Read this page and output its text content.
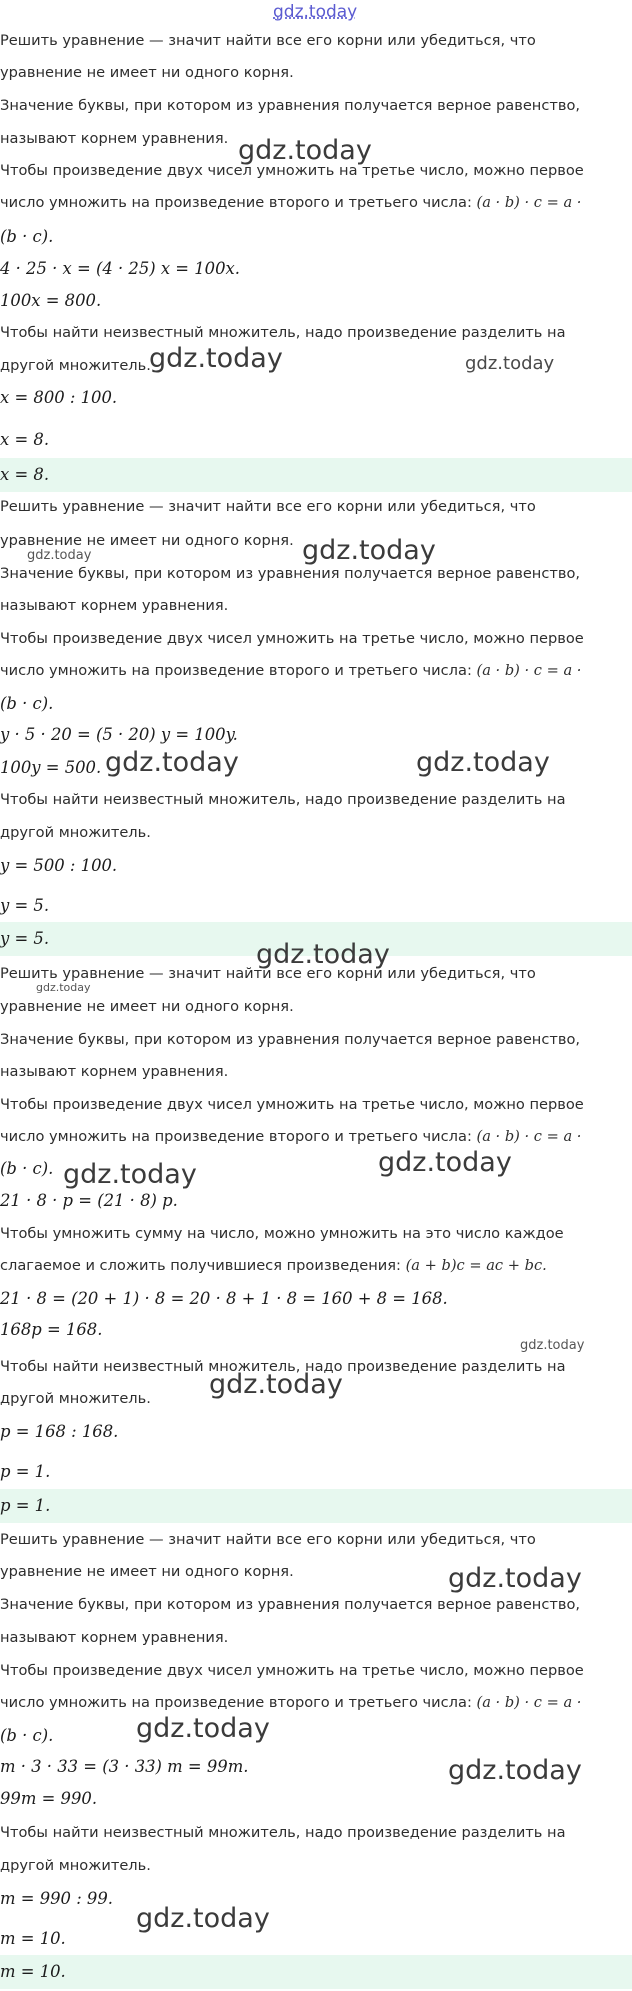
gdz.today

Решить уравнение — значит найти все его корни или убедиться, что

уравнение не имеет ни одного корня.

Значение буквы, при котором из уравнения получается верное равенство,

называют корнем уравнения.

Чтобы произведение двух чисел умножить на третье число, можно первое

число умножить на произведение второго и третьего числа: (a · b) · c = a ·

(b · c).

4 · 25 · x = (4 · 25) x = 100x.

100x = 800.

Чтобы найти неизвестный множитель, надо произведение разделить на

другой множитель.

x = 800 : 100.

x = 8.

x = 8.

Решить уравнение — значит найти все его корни или убедиться, что

уравнение не имеет ни одного корня.

Значение буквы, при котором из уравнения получается верное равенство,

называют корнем уравнения.

Чтобы произведение двух чисел умножить на третье число, можно первое

число умножить на произведение второго и третьего числа: (a · b) · c = a ·

(b · c).

y · 5 · 20 = (5 · 20) y = 100y.

100y = 500.

Чтобы найти неизвестный множитель, надо произведение разделить на

другой множитель.

y = 500 : 100.

y = 5.

y = 5.

Решить уравнение — значит найти все его корни или убедиться, что

уравнение не имеет ни одного корня.

Значение буквы, при котором из уравнения получается верное равенство,

называют корнем уравнения.

Чтобы произведение двух чисел умножить на третье число, можно первое

число умножить на произведение второго и третьего числа: (a · b) · c = a ·

(b · c).

21 · 8 · p = (21 · 8) p.

Чтобы умножить сумму на число, можно умножить на это число каждое

слагаемое и сложить получившиеся произведения: (a + b)c = ac + bc.

21 · 8 = (20 + 1) · 8 = 20 · 8 + 1 · 8 = 160 + 8 = 168.

168p = 168.

Чтобы найти неизвестный множитель, надо произведение разделить на

другой множитель.

p = 168 : 168.

p = 1.

p = 1.

Решить уравнение — значит найти все его корни или убедиться, что

уравнение не имеет ни одного корня.

Значение буквы, при котором из уравнения получается верное равенство,

называют корнем уравнения.

Чтобы произведение двух чисел умножить на третье число, можно первое

число умножить на произведение второго и третьего числа: (a · b) · c = a ·

(b · c).

m · 3 · 33 = (3 · 33) m = 99m.

99m = 990.

Чтобы найти неизвестный множитель, надо произведение разделить на

другой множитель.

m = 990 : 99.

m = 10.

m = 10.

gdz.today
gdz.today	gdz.today
gdz.today
gdz.today
gdz.today	gdz.today
gdz.today
gdz.today
gdz.today	gdz.today
gdz.today
gdz.today
gdz.today
gdz.today
gdz.today
gdz.today
